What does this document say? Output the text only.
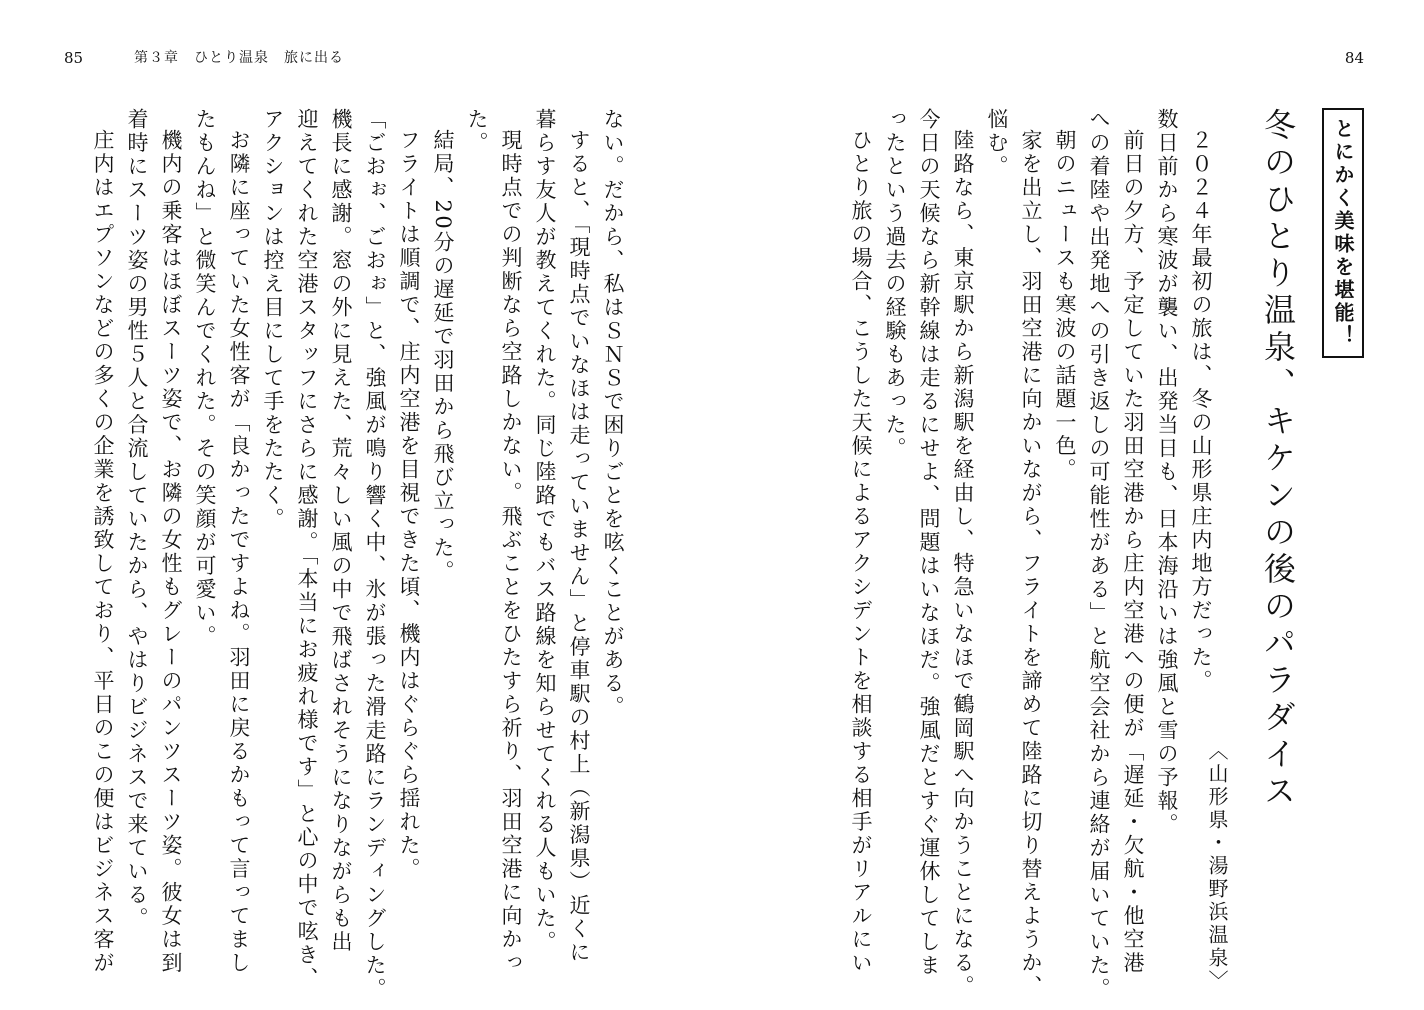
85	第３章　ひとり温泉　旅に出る	84
とにかく美味を堪能！
冬のひとり温泉、キケンの後のパラダイス
〈山形県・湯野浜温泉〉

２０２４年最初の旅は、冬の山形県庄内地方だった。

数日前から寒波が襲い、出発当日も、日本海沿いは強風と雪の予報。

前日の夕方、予定していた羽田空港から庄内空港への便が「遅延・欠航・他空港

への着陸や出発地への引き返しの可能性がある」と航空会社から連絡が届いていた。

朝のニュースも寒波の話題一色。

家を出立し、羽田空港に向かいながら、フライトを諦めて陸路に切り替えようか、

悩む。

陸路なら、東京駅から新潟駅を経由し、特急いなほで鶴岡駅へ向かうことになる。

今日の天候なら新幹線は走るにせよ、問題はいなほだ。強風だとすぐ運休してしま

ったという過去の経験もあった。

ひとり旅の場合、こうした天候によるアクシデントを相談する相手がリアルにい

ない。だから、私はＳＮＳで困りごとを呟くことがある。

すると、「現時点でいなほは走っていません」と停車駅の村上（新潟県）近くに

暮らす友人が教えてくれた。同じ陸路でもバス路線を知らせてくれる人もいた。

現時点での判断なら空路しかない。飛ぶことをひたすら祈り、羽田空港に向かっ

た。

結局、20分の遅延で羽田から飛び立った。

フライトは順調で、庄内空港を目視できた頃、機内はぐらぐら揺れた。

「ごおぉ、ごおぉ」と、強風が鳴り響く中、氷が張った滑走路にランディングした。

機長に感謝。窓の外に見えた、荒々しい風の中で飛ばされそうになりながらも出

迎えてくれた空港スタッフにさらに感謝。「本当にお疲れ様です」と心の中で呟き、

アクションは控え目にして手をたたく。

お隣に座っていた女性客が「良かったですよね。羽田に戻るかもって言ってまし

たもんね」と微笑んでくれた。その笑顔が可愛い。

機内の乗客はほぼスーツ姿で、お隣の女性もグレーのパンツスーツ姿。彼女は到

着時にスーツ姿の男性５人と合流していたから、やはりビジネスで来ている。

庄内はエプソンなどの多くの企業を誘致しており、平日のこの便はビジネス客が
